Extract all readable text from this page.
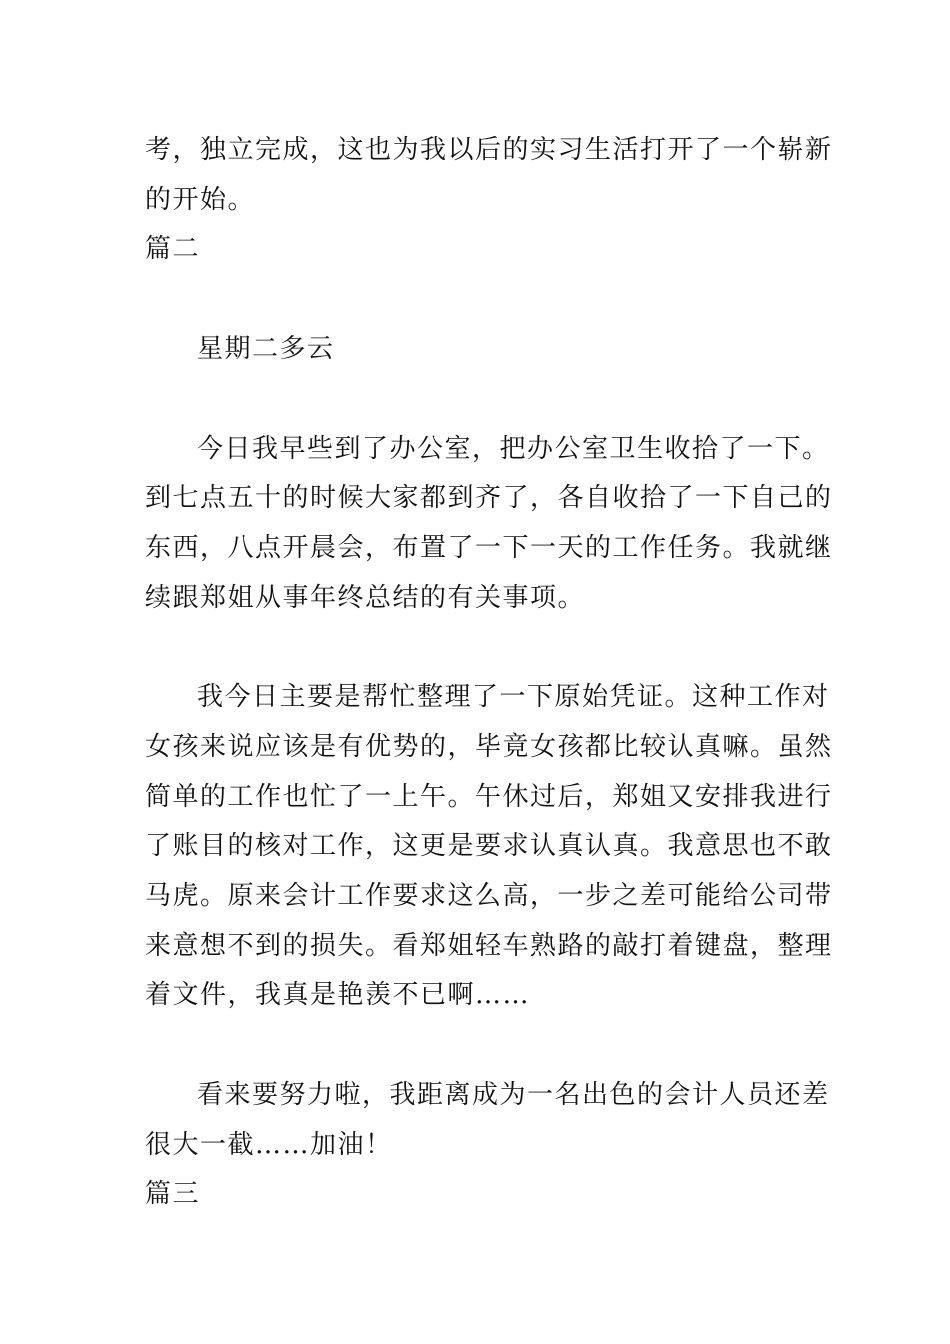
考，独立完成，这也为我以后的实习生活打开了一个崭新
的开始。
篇二
星期二多云
今日我早些到了办公室，把办公室卫生收拾了一下。
到七点五十的时候大家都到齐了，各自收拾了一下自己的
东西，八点开晨会，布置了一下一天的工作任务。我就继
续跟郑姐从事年终总结的有关事项。
我今日主要是帮忙整理了一下原始凭证。这种工作对
女孩来说应该是有优势的，毕竟女孩都比较认真嘛。虽然
简单的工作也忙了一上午。午休过后，郑姐又安排我进行
了账目的核对工作，这更是要求认真认真。我意思也不敢
马虎。原来会计工作要求这么高，一步之差可能给公司带
来意想不到的损失。看郑姐轻车熟路的敲打着键盘，整理
着文件，我真是艳羡不已啊……
看来要努力啦，我距离成为一名出色的会计人员还差
很大一截……加油！
篇三
